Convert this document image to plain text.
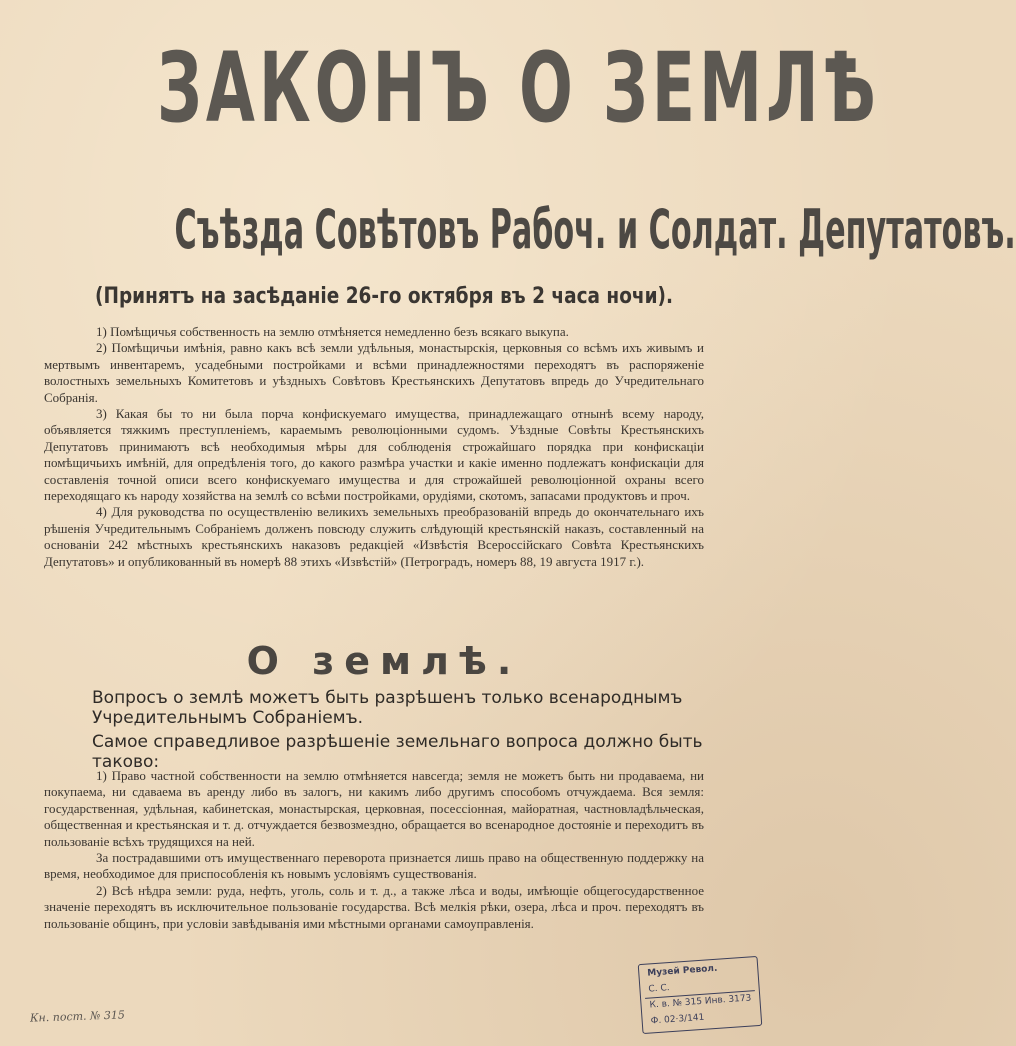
ЗАКОНЪ О ЗЕМЛѢ
Съѣзда Совѣтовъ Рабоч. и Солдат. Депутатовъ.
(Принятъ на засѣданіе 26-го октября въ 2 часа ночи).

1) Помѣщичья собственность на землю отмѣняется немедленно безъ всякаго выкупа.

2) Помѣщичьи имѣнія, равно какъ всѣ земли удѣльныя, монастырскія, церковныя со всѣмъ ихъ живымъ и мертвымъ инвентаремъ, усадебными постройками и всѣми принадлежностями переходятъ въ распоряженіе волостныхъ земельныхъ Комитетовъ и уѣздныхъ Совѣтовъ Крестьянскихъ Депутатовъ впредь до Учредительнаго Собранія.

3) Какая бы то ни была порча конфискуемаго имущества, принадлежащаго отнынѣ всему народу, объявляется тяжкимъ преступленіемъ, караемымъ революціонными судомъ. Уѣздные Совѣты Крестьянскихъ Депутатовъ принимаютъ всѣ необходимыя мѣры для соблюденія строжайшаго порядка при конфискаціи помѣщичьихъ имѣній, для опредѣленія того, до какого размѣра участки и какіе именно подлежатъ конфискаціи для составленія точной описи всего конфискуемаго имущества и для строжайшей революціонной охраны всего переходящаго къ народу хозяйства на землѣ со всѣми постройками, орудіями, скотомъ, запасами продуктовъ и проч.

4) Для руководства по осуществленію великихъ земельныхъ преобразованій впредь до окончательнаго ихъ рѣшенія Учредительнымъ Собраніемъ долженъ повсюду служить слѣдующій крестьянскій наказъ, составленный на основаніи 242 мѣстныхъ крестьянскихъ наказовъ редакціей «Извѣстія Всероссійскаго Совѣта Крестьянскихъ Депутатовъ» и опубликованный въ номерѣ 88 этихъ «Извѣстій» (Петроградъ, номеръ 88, 19 августа 1917 г.).

О землѣ.

Вопросъ о землѣ можетъ быть разрѣшенъ только всенароднымъ Учредительнымъ Собраніемъ.

Самое справедливое разрѣшеніе земельнаго вопроса должно быть таково:

1) Право частной собственности на землю отмѣняется навсегда; земля не можетъ быть ни продаваема, ни покупаема, ни сдаваема въ аренду либо въ залогъ, ни какимъ либо другимъ способомъ отчуждаема. Вся земля: государственная, удѣльная, кабинетская, монастырская, церковная, посессіонная, майоратная, частновладѣльческая, общественная и крестьянская и т. д. отчуждается безвозмездно, обращается во всенародное достояніе и переходитъ въ пользованіе всѣхъ трудящихся на ней.

За пострадавшими отъ имущественнаго переворота признается лишь право на общественную поддержку на время, необходимое для приспособленія къ новымъ условіямъ существованія.

2) Всѣ нѣдра земли: руда, нефть, уголь, соль и т. д., а также лѣса и воды, имѣющіе общегосударственное значеніе переходятъ въ исключительное пользованіе государства. Всѣ мелкія рѣки, озера, лѣса и проч. переходятъ въ пользованіе общинъ, при условіи завѣдыванія ими мѣстными органами самоуправленія.

Кн. пост. № 315
Музей Револ.
С. С.
К. в. № 315 Инв. 3173
Ф. 02·3/141
